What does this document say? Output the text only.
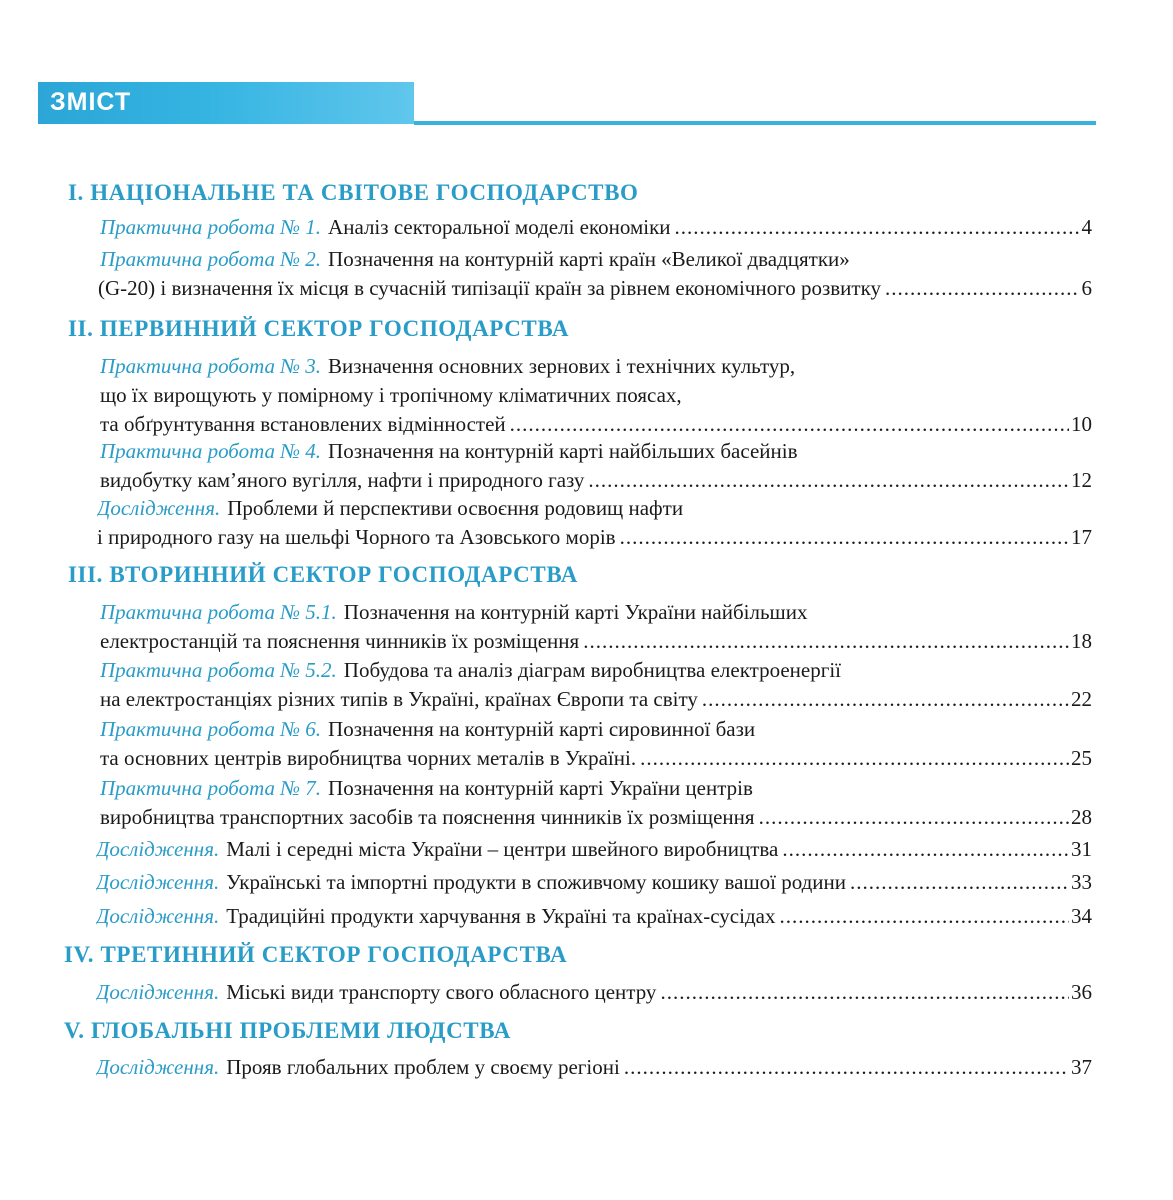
ЗМІСТ
I. НАЦІОНАЛЬНЕ ТА СВІТОВЕ ГОСПОДАРСТВО
Практична робота № 1. Аналіз секторальної моделі економіки .....	4
Практична робота № 2. Позначення на контурній карті країн «Великої двадцятки»
(G-20) і визначення їх місця в сучасній типізації країн за рівнем економічного розвитку .....	6
II. ПЕРВИННИЙ СЕКТОР ГОСПОДАРСТВА
Практична робота № 3. Визначення основних зернових і технічних культур,
що їх вирощують у помірному і тропічному кліматичних поясах,
та обґрунтування встановлених відмінностей .....	10
Практична робота № 4. Позначення на контурній карті найбільших басейнів
видобутку кам’яного вугілля, нафти і природного газу .....	12
Дослідження. Проблеми й перспективи освоєння родовищ нафти
і природного газу на шельфі Чорного та Азовського морів .....	17
III. ВТОРИННИЙ СЕКТОР ГОСПОДАРСТВА
Практична робота № 5.1. Позначення на контурній карті України найбільших
електростанцій та пояснення чинників їх розміщення .....	18
Практична робота № 5.2. Побудова та аналіз діаграм виробництва електроенергії
на електростанціях різних типів в Україні, країнах Європи та світу .....	22
Практична робота № 6. Позначення на контурній карті сировинної бази
та основних центрів виробництва чорних металів в Україні. .....	25
Практична робота № 7. Позначення на контурній карті України центрів
виробництва транспортних засобів та пояснення чинників їх розміщення .....	28
Дослідження. Малі і середні міста України – центри швейного виробництва .....	31
Дослідження. Українські та імпортні продукти в споживчому кошику вашої родини .....	33
Дослідження. Традиційні продукти харчування в Україні та країнах-сусідах .....	34
IV. ТРЕТИННИЙ СЕКТОР ГОСПОДАРСТВА
Дослідження. Міські види транспорту свого обласного центру .....	36
V. ГЛОБАЛЬНІ ПРОБЛЕМИ ЛЮДСТВА
Дослідження. Прояв глобальних проблем у своєму регіоні .....	37
